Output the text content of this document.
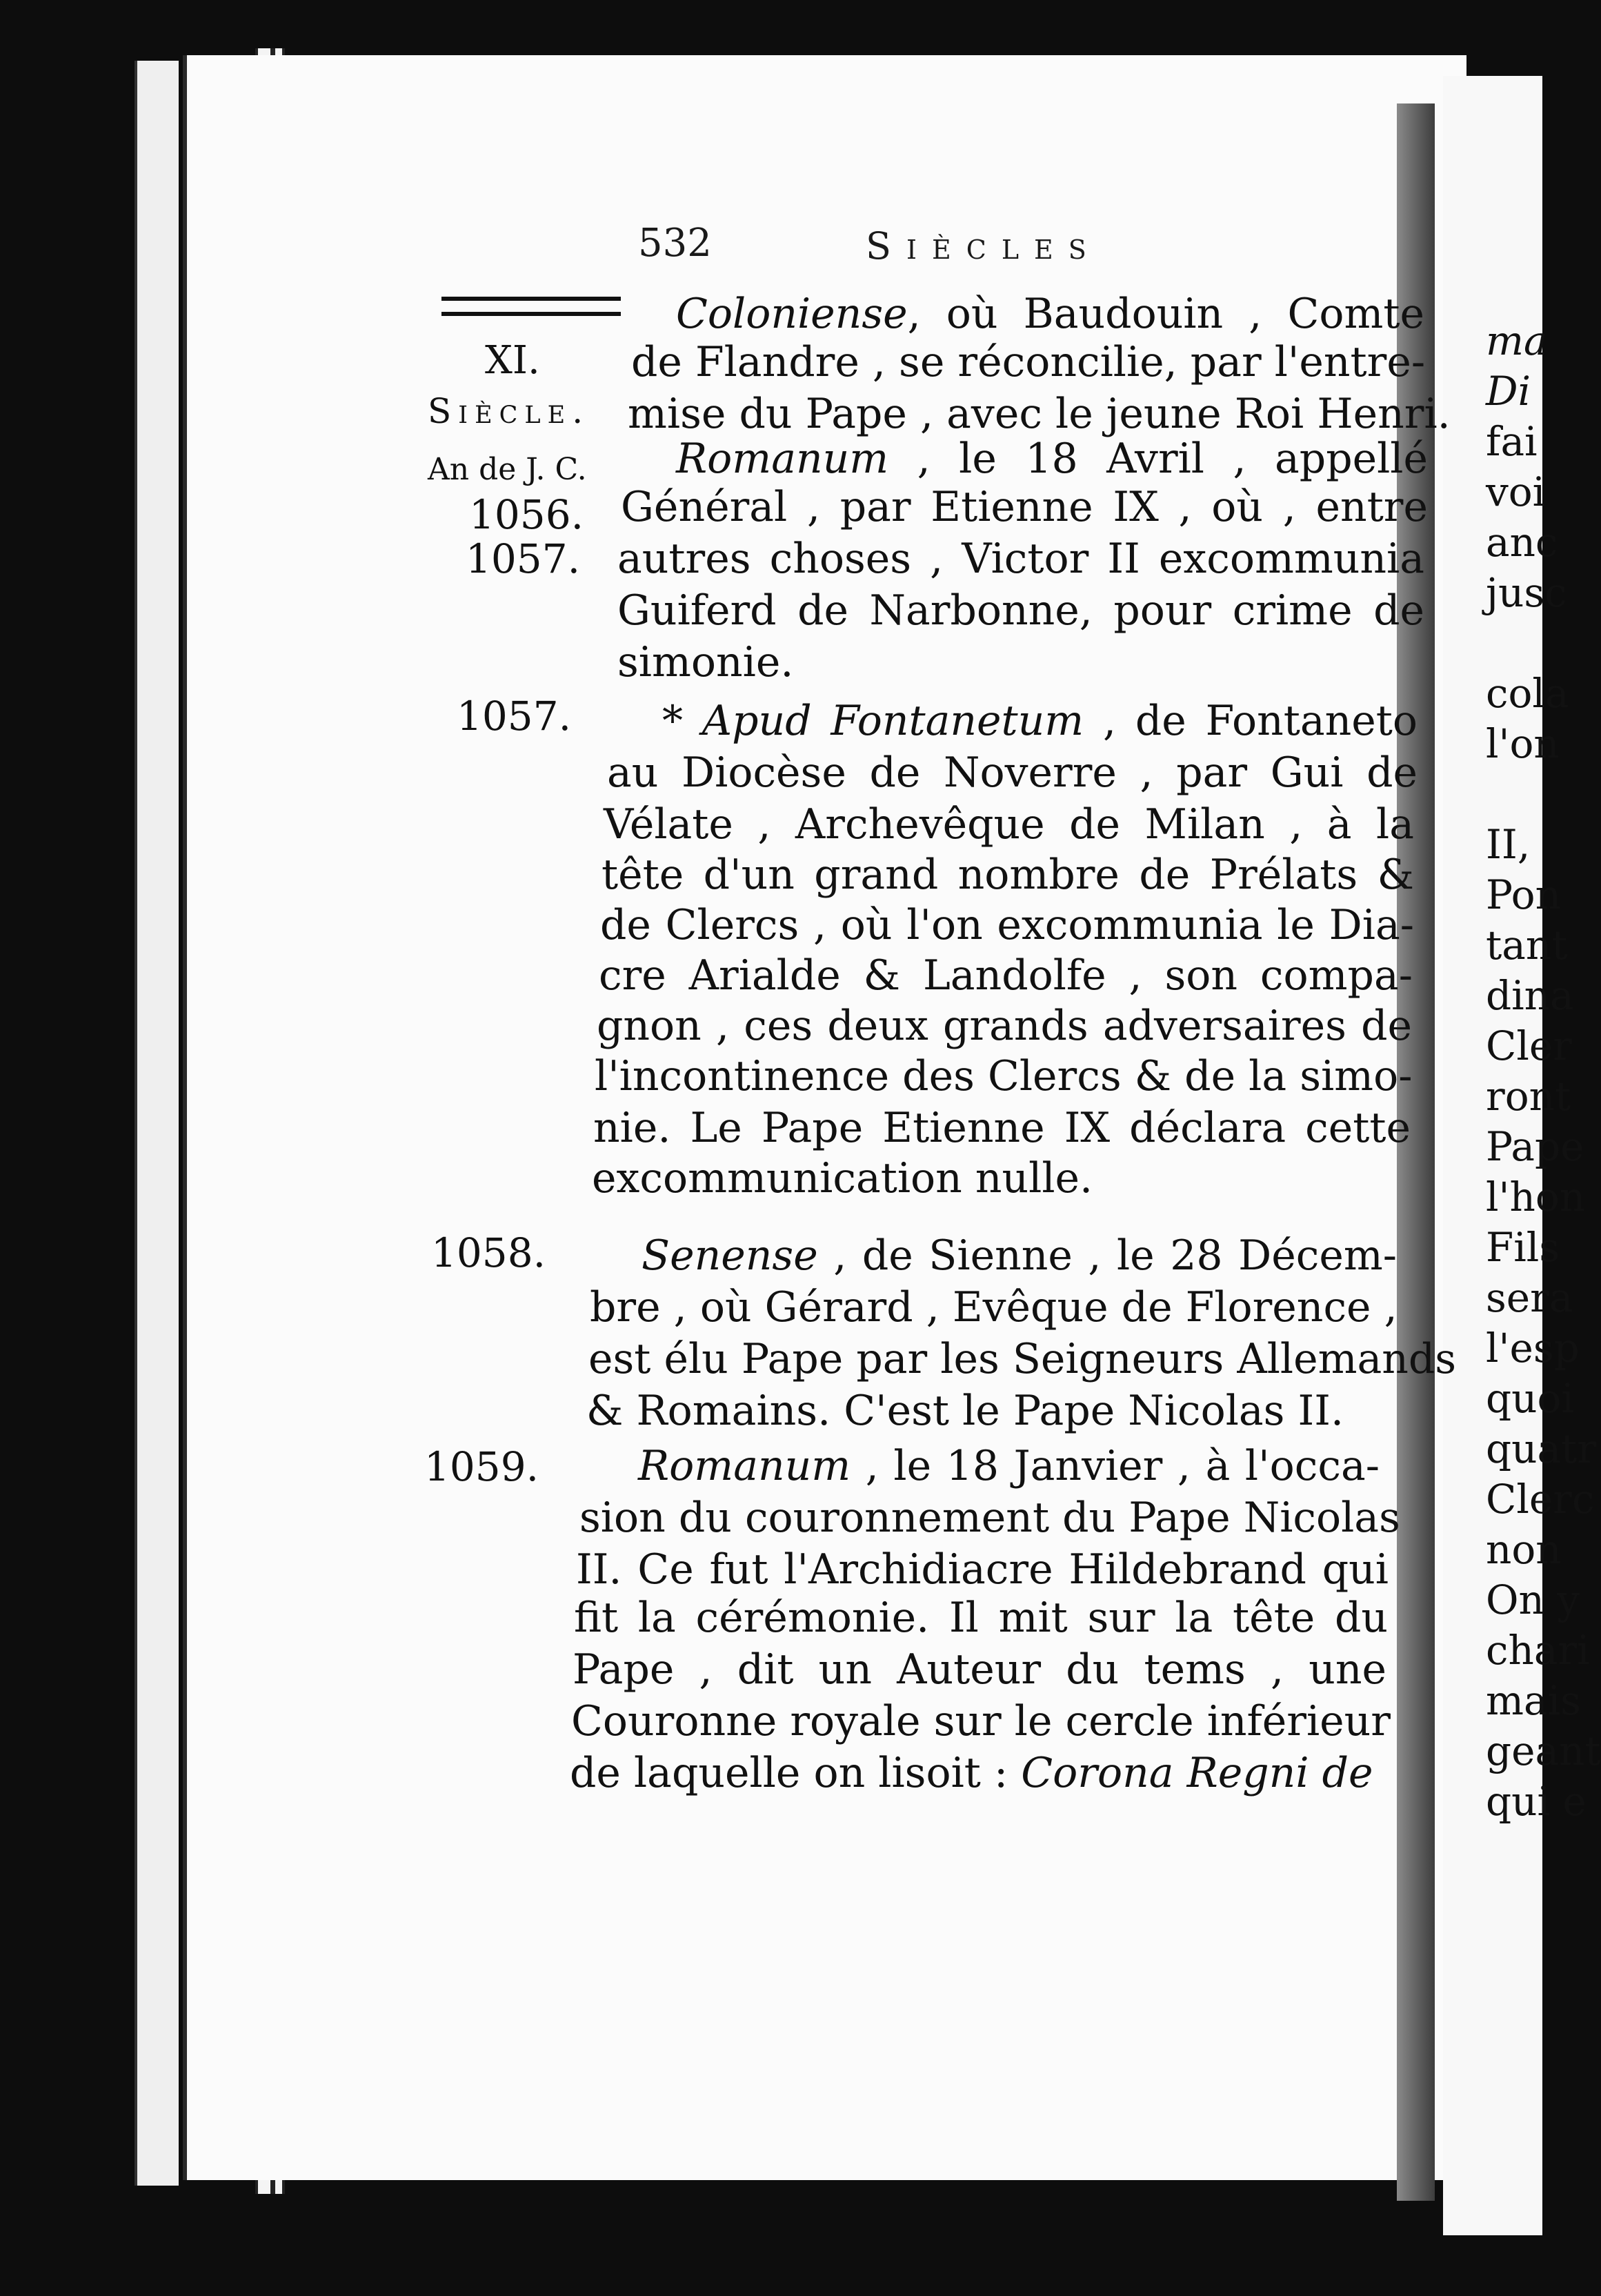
ma
Di
fai
voi
anc
jusc
cola
l'on
II,
Pon
tant
dina
Cler
ront
Pape
l'hon
Fils
sera
l'esp
quoi
quatr
Clerc
non
On y
chari
mais
geant
qui e
532	Siècles
XI.
Siècle.
An de J. C.
1056.
1057.
1057.
1058.
1059.
Coloniense, où Baudouin , Comte
de Flandre , se réconcilie, par l'entre-
mise du Pape , avec le jeune Roi Henri.
Romanum , le 18 Avril , appellé
Général , par Etienne IX , où , entre
autres choses , Victor II excommunia
Guiferd de Narbonne, pour crime de
simonie.
* Apud Fontanetum , de Fontaneto
au Diocèse de Noverre , par Gui de
Vélate , Archevêque de Milan , à la
tête d'un grand nombre de Prélats &
de Clercs , où l'on excommunia le Dia-
cre Arialde & Landolfe , son compa-
gnon , ces deux grands adversaires de
l'incontinence des Clercs & de la simo-
nie. Le Pape Etienne IX déclara cette
excommunication nulle.
Senense , de Sienne , le 28 Décem-
bre , où Gérard , Evêque de Florence ,
est élu Pape par les Seigneurs Allemands
& Romains. C'est le Pape Nicolas II.
Romanum , le 18 Janvier , à l'occa-
sion du couronnement du Pape Nicolas
II. Ce fut l'Archidiacre Hildebrand qui
fit la cérémonie. Il mit sur la tête du
Pape , dit un Auteur du tems , une
Couronne royale sur le cercle inférieur
de laquelle on lisoit : Corona Regni de
